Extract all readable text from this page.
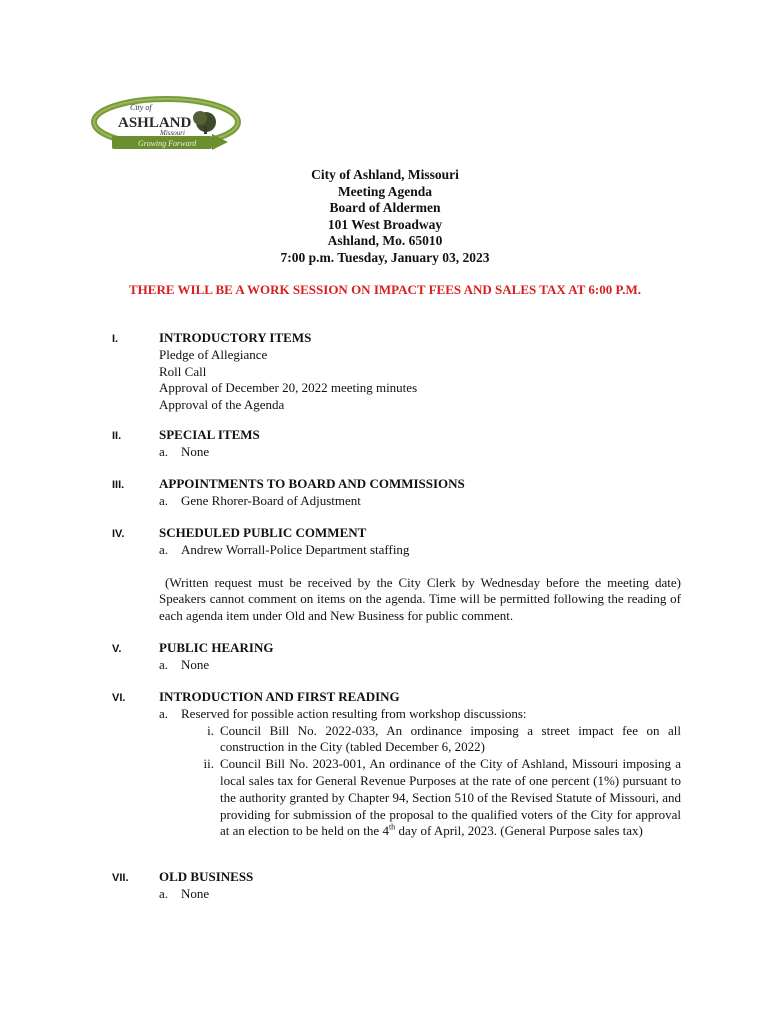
City of
ASHLAND
Missouri
Growing Forward
City of Ashland, Missouri
Meeting Agenda
Board of Aldermen
101 West Broadway
Ashland, Mo. 65010
7:00 p.m. Tuesday, January 03, 2023
THERE WILL BE A WORK SESSION ON IMPACT FEES AND SALES TAX AT 6:00 P.M.
I.	INTRODUCTORY ITEMS
Pledge of Allegiance
Roll Call
Approval of December 20, 2022 meeting minutes
Approval of the Agenda
II.	SPECIAL ITEMS
a. None
III.	APPOINTMENTS TO BOARD AND COMMISSIONS
a. Gene Rhorer-Board of Adjustment
IV.	SCHEDULED PUBLIC COMMENT
a. Andrew Worrall-Police Department staffing
(Written request must be received by the City Clerk by Wednesday before the meeting date) Speakers cannot comment on items on the agenda. Time will be permitted following the reading of each agenda item under Old and New Business for public comment.
V.	PUBLIC HEARING
a. None
VI.	INTRODUCTION AND FIRST READING
a. Reserved for possible action resulting from workshop discussions:
i. Council Bill No. 2022-033, An ordinance imposing a street impact fee on all construction in the City (tabled December 6, 2022)
ii. Council Bill No. 2023-001, An ordinance of the City of Ashland, Missouri imposing a local sales tax for General Revenue Purposes at the rate of one percent (1%) pursuant to the authority granted by Chapter 94, Section 510 of the Revised Statute of Missouri, and providing for submission of the proposal to the qualified voters of the City for approval at an election to be held on the 4th day of April, 2023. (General Purpose sales tax)
VII. OLD BUSINESS
a. None
